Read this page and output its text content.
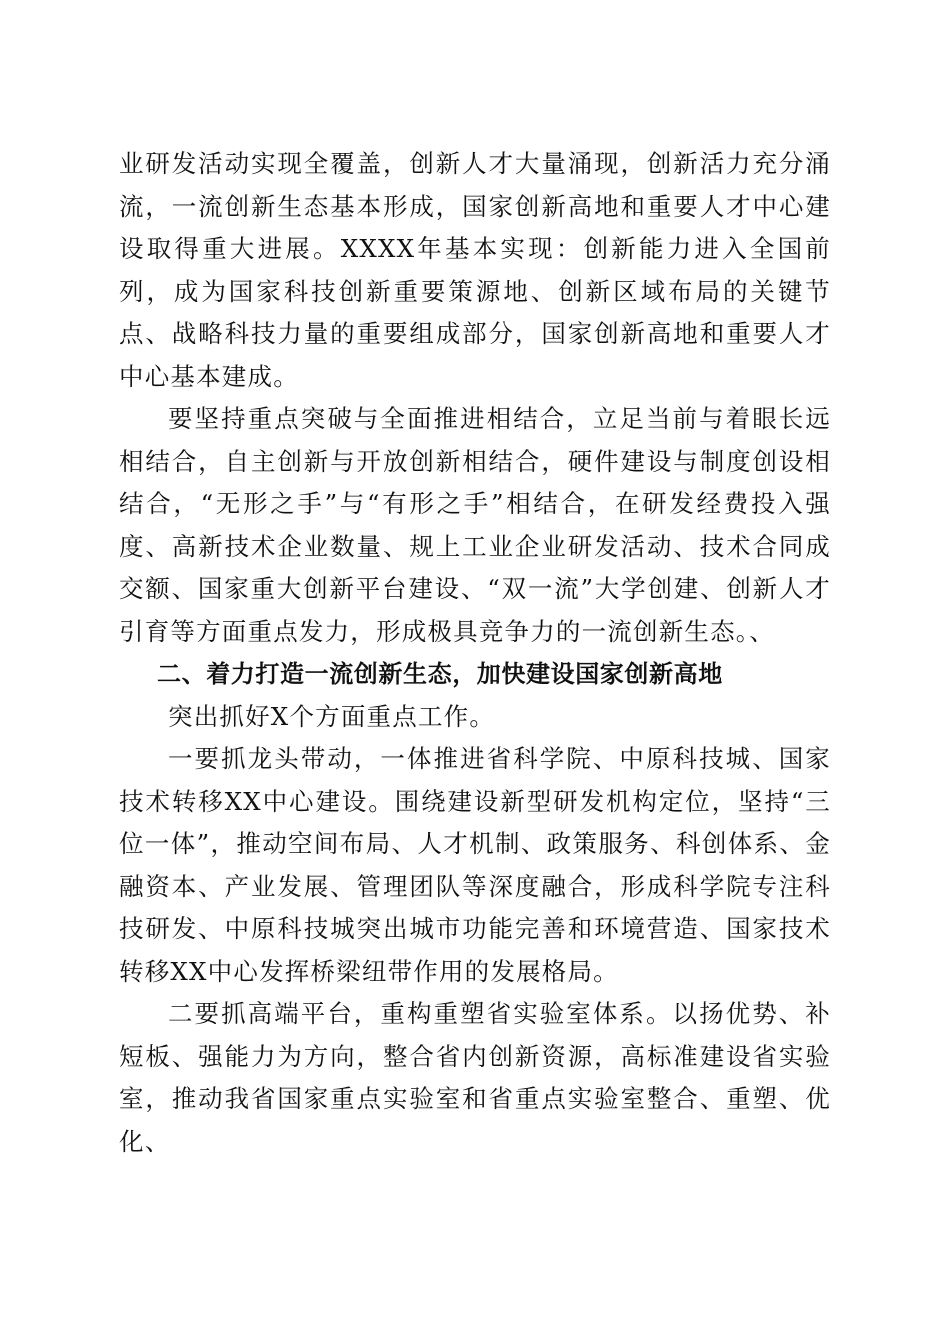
业研发活动实现全覆盖，创新人才大量涌现，创新活力充分涌流，一流创新生态基本形成，国家创新高地和重要人才中心建设取得重大进展。XXXX年基本实现：创新能力进入全国前列，成为国家科技创新重要策源地、创新区域布局的关键节点、战略科技力量的重要组成部分，国家创新高地和重要人才中心基本建成。

要坚持重点突破与全面推进相结合，立足当前与着眼长远相结合，自主创新与开放创新相结合，硬件建设与制度创设相结合，“无形之手”与“有形之手”相结合，在研发经费投入强度、高新技术企业数量、规上工业企业研发活动、技术合同成交额、国家重大创新平台建设、“双一流”大学创建、创新人才引育等方面重点发力，形成极具竞争力的一流创新生态。、

二、着力打造一流创新生态，加快建设国家创新高地

突出抓好X个方面重点工作。

一要抓龙头带动，一体推进省科学院、中原科技城、国家技术转移XX中心建设。围绕建设新型研发机构定位，坚持“三位一体”，推动空间布局、人才机制、政策服务、科创体系、金融资本、产业发展、管理团队等深度融合，形成科学院专注科技研发、中原科技城突出城市功能完善和环境营造、国家技术转移XX中心发挥桥梁纽带作用的发展格局。

二要抓高端平台，重构重塑省实验室体系。以扬优势、补短板、强能力为方向，整合省内创新资源，高标准建设省实验室，推动我省国家重点实验室和省重点实验室整合、重塑、优化、
